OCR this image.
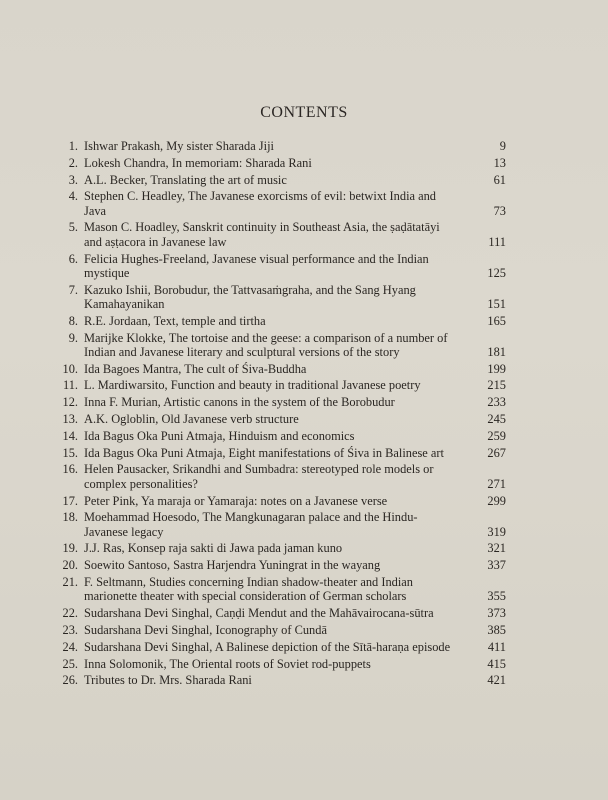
CONTENTS
1. Ishwar Prakash, My sister Sharada Jiji	9
2. Lokesh Chandra, In memoriam: Sharada Rani	13
3. A.L. Becker, Translating the art of music	61
4. Stephen C. Headley, The Javanese exorcisms of evil: betwixt India and Java	73
5. Mason C. Hoadley, Sanskrit continuity in Southeast Asia, the ṣaḍātatāyi and aṣṭacora in Javanese law	111
6. Felicia Hughes-Freeland, Javanese visual performance and the Indian mystique	125
7. Kazuko Ishii, Borobudur, the Tattvasaṁgraha, and the Sang Hyang Kamahayanikan	151
8. R.E. Jordaan, Text, temple and tirtha	165
9. Marijke Klokke, The tortoise and the geese: a comparison of a number of Indian and Javanese literary and sculptural versions of the story	181
10. Ida Bagoes Mantra, The cult of Śiva-Buddha	199
11. L. Mardiwarsito, Function and beauty in traditional Javanese poetry	215
12. Inna F. Murian, Artistic canons in the system of the Borobudur	233
13. A.K. Ogloblin, Old Javanese verb structure	245
14. Ida Bagus Oka Puni Atmaja, Hinduism and economics	259
15. Ida Bagus Oka Puni Atmaja, Eight manifestations of Śiva in Balinese art	267
16. Helen Pausacker, Srikandhi and Sumbadra: stereotyped role models or complex personalities?	271
17. Peter Pink, Ya maraja or Yamaraja: notes on a Javanese verse	299
18. Moehammad Hoesodo, The Mangkunagaran palace and the Hindu-Javanese legacy	319
19. J.J. Ras, Konsep raja sakti di Jawa pada jaman kuno	321
20. Soewito Santoso, Sastra Harjendra Yuningrat in the wayang	337
21. F. Seltmann, Studies concerning Indian shadow-theater and Indian marionette theater with special consideration of German scholars	355
22. Sudarshana Devi Singhal, Caṇḍi Mendut and the Mahāvairocana-sūtra	373
23. Sudarshana Devi Singhal, Iconography of Cundā	385
24. Sudarshana Devi Singhal, A Balinese depiction of the Sītā-haraṇa episode	411
25. Inna Solomonik, The Oriental roots of Soviet rod-puppets	415
26. Tributes to Dr. Mrs. Sharada Rani	421
